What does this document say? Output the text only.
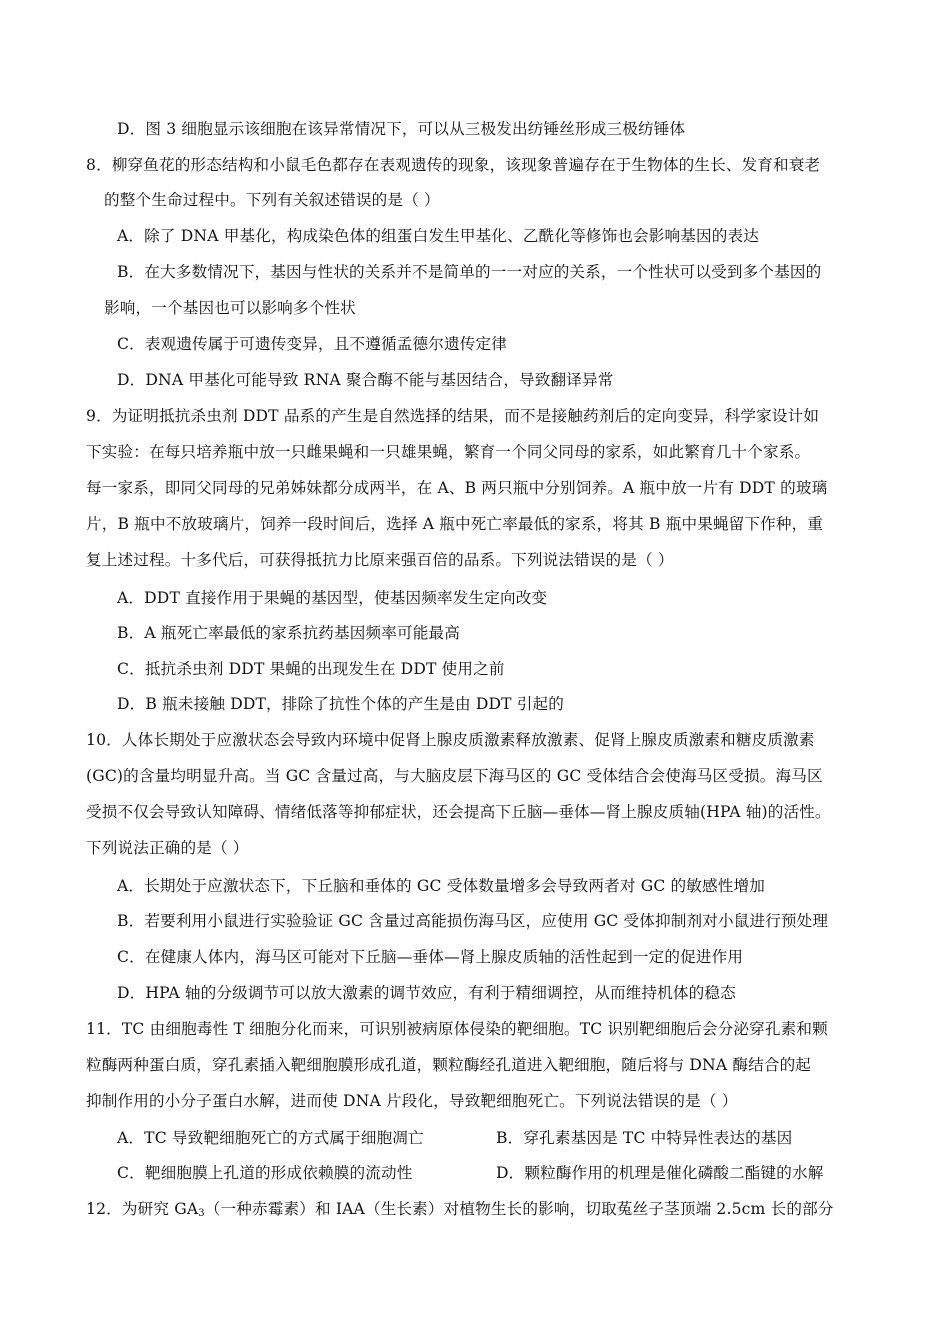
D．图 3 细胞显示该细胞在该异常情况下，可以从三极发出纺锤丝形成三极纺锤体
8．柳穿鱼花的形态结构和小鼠毛色都存在表观遗传的现象，该现象普遍存在于生物体的生长、发育和衰老
的整个生命过程中。下列有关叙述错误的是（ ）
A．除了 DNA 甲基化，构成染色体的组蛋白发生甲基化、乙酰化等修饰也会影响基因的表达
B．在大多数情况下，基因与性状的关系并不是简单的一一对应的关系，一个性状可以受到多个基因的
影响，一个基因也可以影响多个性状
C．表观遗传属于可遗传变异，且不遵循孟德尔遗传定律
D．DNA 甲基化可能导致 RNA 聚合酶不能与基因结合，导致翻译异常
9．为证明抵抗杀虫剂 DDT 品系的产生是自然选择的结果，而不是接触药剂后的定向变异，科学家设计如
下实验：在每只培养瓶中放一只雌果蝇和一只雄果蝇，繁育一个同父同母的家系，如此繁育几十个家系。
每一家系，即同父同母的兄弟姊妹都分成两半，在 A、B 两只瓶中分别饲养。A 瓶中放一片有 DDT 的玻璃
片，B 瓶中不放玻璃片，饲养一段时间后，选择 A 瓶中死亡率最低的家系，将其 B 瓶中果蝇留下作种，重
复上述过程。十多代后，可获得抵抗力比原来强百倍的品系。下列说法错误的是（ ）
A．DDT 直接作用于果蝇的基因型，使基因频率发生定向改变
B．A 瓶死亡率最低的家系抗药基因频率可能最高
C．抵抗杀虫剂 DDT 果蝇的出现发生在 DDT 使用之前
D．B 瓶未接触 DDT，排除了抗性个体的产生是由 DDT 引起的
10．人体长期处于应激状态会导致内环境中促肾上腺皮质激素释放激素、促肾上腺皮质激素和糖皮质激素
(GC)的含量均明显升高。当 GC 含量过高，与大脑皮层下海马区的 GC 受体结合会使海马区受损。海马区
受损不仅会导致认知障碍、情绪低落等抑郁症状，还会提高下丘脑—垂体—肾上腺皮质轴(HPA 轴)的活性。
下列说法正确的是（ ）
A．长期处于应激状态下，下丘脑和垂体的 GC 受体数量增多会导致两者对 GC 的敏感性增加
B．若要利用小鼠进行实验验证 GC 含量过高能损伤海马区，应使用 GC 受体抑制剂对小鼠进行预处理
C．在健康人体内，海马区可能对下丘脑—垂体—肾上腺皮质轴的活性起到一定的促进作用
D．HPA 轴的分级调节可以放大激素的调节效应，有利于精细调控，从而维持机体的稳态
11．TC 由细胞毒性 T 细胞分化而来，可识别被病原体侵染的靶细胞。TC 识别靶细胞后会分泌穿孔素和颗
粒酶两种蛋白质，穿孔素插入靶细胞膜形成孔道，颗粒酶经孔道进入靶细胞，随后将与 DNA 酶结合的起
抑制作用的小分子蛋白水解，进而使 DNA 片段化，导致靶细胞死亡。下列说法错误的是（ ）
A．TC 导致靶细胞死亡的方式属于细胞凋亡	B．穿孔素基因是 TC 中特异性表达的基因
C．靶细胞膜上孔道的形成依赖膜的流动性	D．颗粒酶作用的机理是催化磷酸二酯键的水解
12．为研究 $GA_3$（一种赤霉素）和 IAA（生长素）对植物生长的影响，切取菟丝子茎顶端 2.5cm 长的部分
